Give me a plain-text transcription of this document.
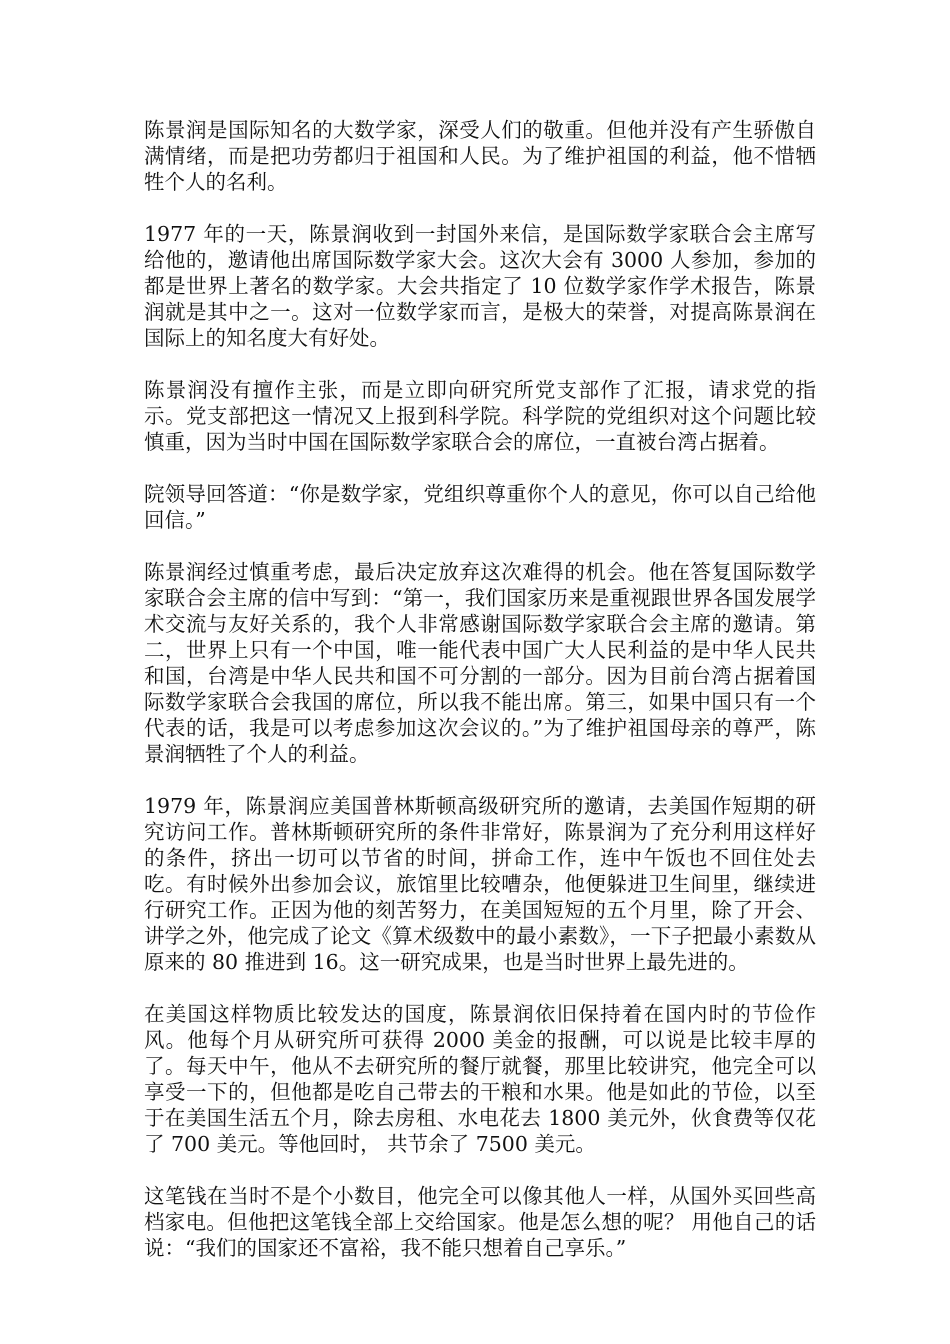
陈景润是国际知名的大数学家，深受人们的敬重。但他并没有产生骄傲自满情绪，而是把功劳都归于祖国和人民。为了维护祖国的利益，他不惜牺牲个人的名利。

1977 年的一天，陈景润收到一封国外来信，是国际数学家联合会主席写给他的，邀请他出席国际数学家大会。这次大会有 3000 人参加，参加的都是世界上著名的数学家。大会共指定了 10 位数学家作学术报告，陈景润就是其中之一。这对一位数学家而言，是极大的荣誉，对提高陈景润在国际上的知名度大有好处。

陈景润没有擅作主张，而是立即向研究所党支部作了汇报，请求党的指示。党支部把这一情况又上报到科学院。科学院的党组织对这个问题比较慎重，因为当时中国在国际数学家联合会的席位，一直被台湾占据着。

院领导回答道：“你是数学家，党组织尊重你个人的意见，你可以自己给他回信。”

陈景润经过慎重考虑，最后决定放弃这次难得的机会。他在答复国际数学家联合会主席的信中写到：“第一，我们国家历来是重视跟世界各国发展学术交流与友好关系的，我个人非常感谢国际数学家联合会主席的邀请。第二，世界上只有一个中国，唯一能代表中国广大人民利益的是中华人民共和国，台湾是中华人民共和国不可分割的一部分。因为目前台湾占据着国际数学家联合会我国的席位，所以我不能出席。第三，如果中国只有一个代表的话，我是可以考虑参加这次会议的。”为了维护祖国母亲的尊严，陈景润牺牲了个人的利益。

1979 年，陈景润应美国普林斯顿高级研究所的邀请，去美国作短期的研究访问工作。普林斯顿研究所的条件非常好，陈景润为了充分利用这样好的条件，挤出一切可以节省的时间，拼命工作，连中午饭也不回住处去吃。有时候外出参加会议，旅馆里比较嘈杂，他便躲进卫生间里，继续进行研究工作。正因为他的刻苦努力，在美国短短的五个月里，除了开会、讲学之外，他完成了论文《算术级数中的最小素数》，一下子把最小素数从原来的 80 推进到 16。这一研究成果，也是当时世界上最先进的。

在美国这样物质比较发达的国度，陈景润依旧保持着在国内时的节俭作风。他每个月从研究所可获得 2000 美金的报酬，可以说是比较丰厚的了。每天中午，他从不去研究所的餐厅就餐，那里比较讲究，他完全可以享受一下的，但他都是吃自己带去的干粮和水果。他是如此的节俭，以至于在美国生活五个月，除去房租、水电花去 1800 美元外，伙食费等仅花了 700 美元。等他回时， 共节余了 7500 美元。

这笔钱在当时不是个小数目，他完全可以像其他人一样，从国外买回些高档家电。但他把这笔钱全部上交给国家。他是怎么想的呢？ 用他自己的话说：“我们的国家还不富裕，我不能只想着自己享乐。”
